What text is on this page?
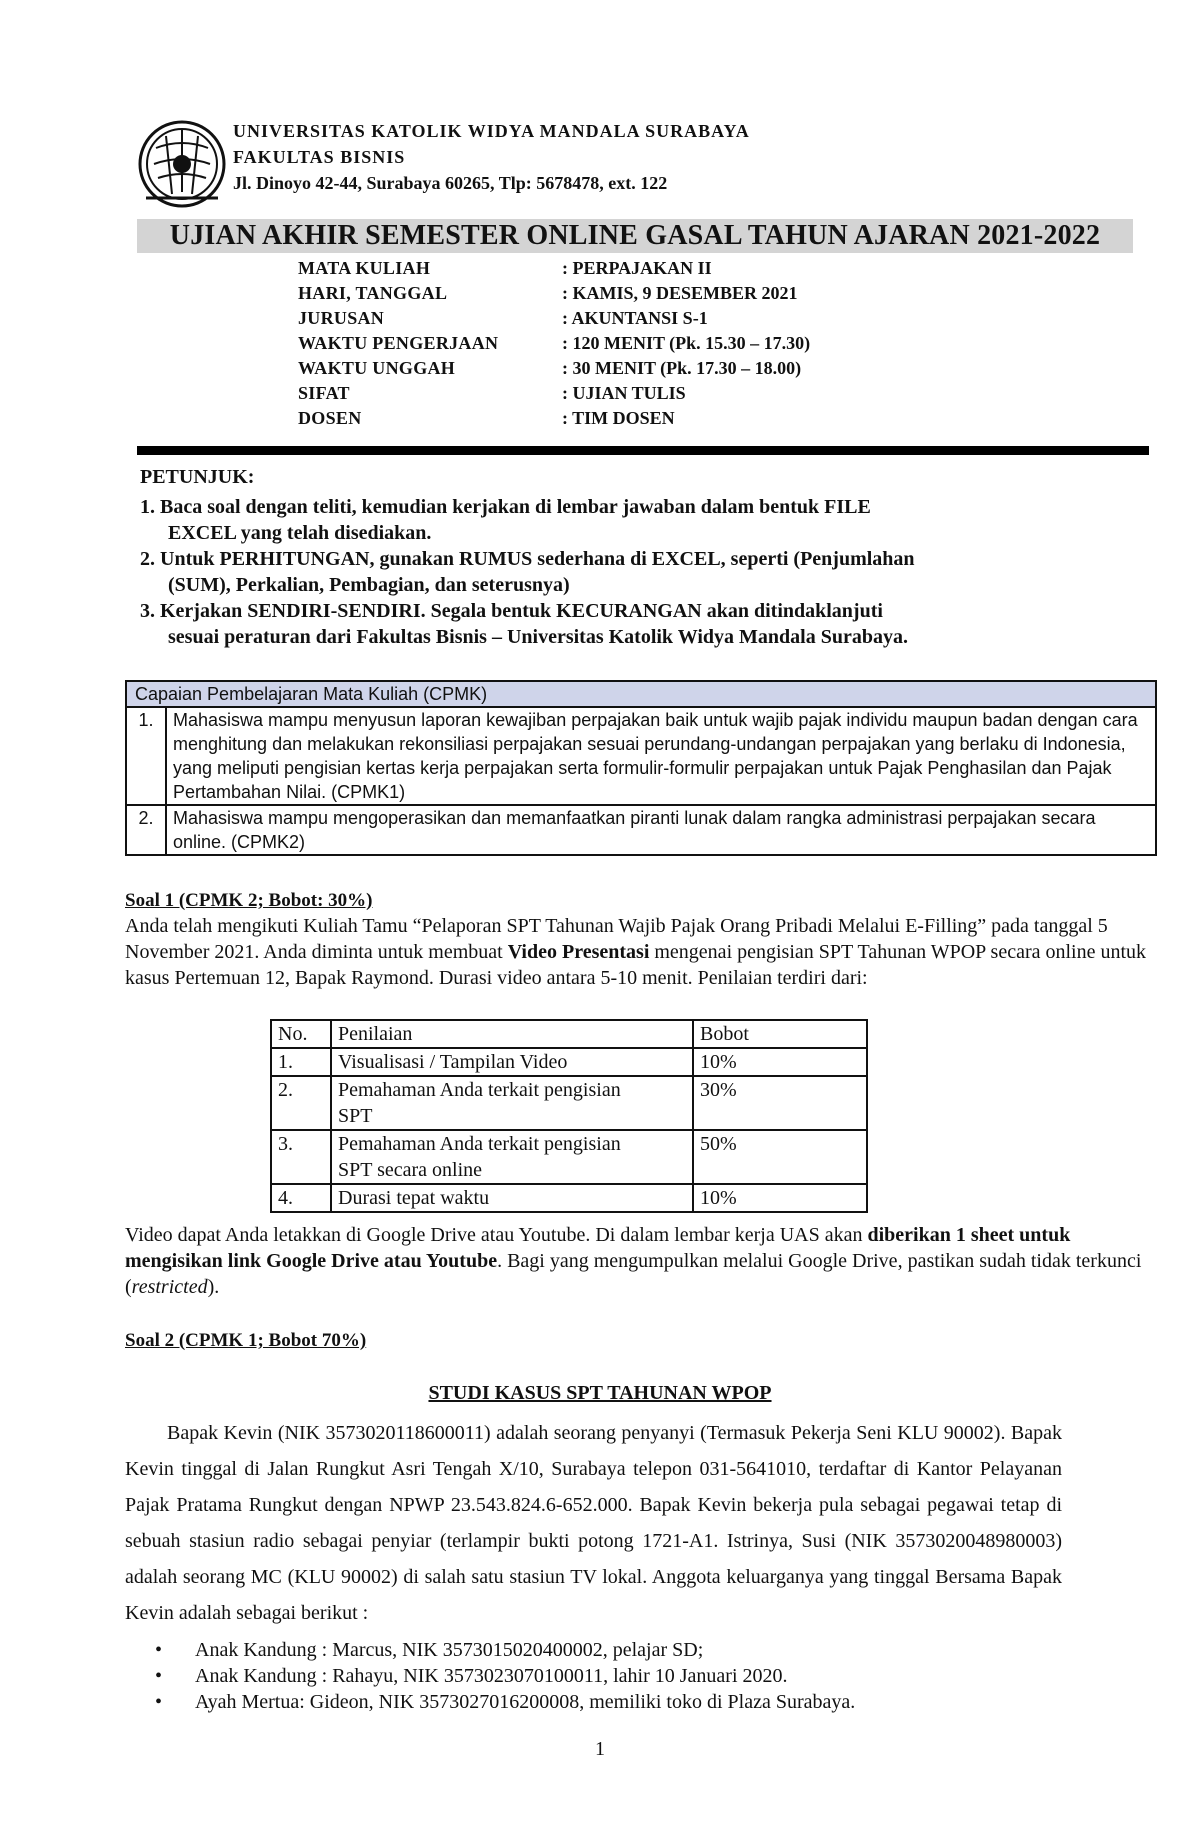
UNIVERSITAS KATOLIK WIDYA MANDALA SURABAYA
FAKULTAS BISNIS
Jl. Dinoyo 42-44, Surabaya 60265, Tlp: 5678478, ext. 122
UJIAN AKHIR SEMESTER ONLINE GASAL TAHUN AJARAN 2021-2022
MATA KULIAH	: PERPAJAKAN II
HARI, TANGGAL	: KAMIS, 9 DESEMBER 2021
JURUSAN	: AKUNTANSI S-1
WAKTU PENGERJAAN	: 120 MENIT (Pk. 15.30 – 17.30)
WAKTU UNGGAH	: 30 MENIT (Pk. 17.30 – 18.00)
SIFAT	: UJIAN TULIS
DOSEN	: TIM DOSEN
PETUNJUK:
1. Baca soal dengan teliti, kemudian kerjakan di lembar jawaban dalam bentuk FILE
EXCEL yang telah disediakan.
2. Untuk PERHITUNGAN, gunakan RUMUS sederhana di EXCEL, seperti (Penjumlahan
(SUM), Perkalian, Pembagian, dan seterusnya)
3. Kerjakan SENDIRI-SENDIRI. Segala bentuk KECURANGAN akan ditindaklanjuti
sesuai peraturan dari Fakultas Bisnis – Universitas Katolik Widya Mandala Surabaya.
Capaian Pembelajaran Mata Kuliah (CPMK)	
1.	Mahasiswa mampu menyusun laporan kewajiban perpajakan baik untuk wajib pajak individu maupun badan dengan cara menghitung dan melakukan rekonsiliasi perpajakan sesuai perundang-undangan perpajakan yang berlaku di Indonesia, yang meliputi pengisian kertas kerja perpajakan serta formulir-formulir perpajakan untuk Pajak Penghasilan dan Pajak Pertambahan Nilai. (CPMK1)
2.	Mahasiswa mampu mengoperasikan dan memanfaatkan piranti lunak dalam rangka administrasi perpajakan secara online. (CPMK2)
Soal 1 (CPMK 2; Bobot: 30%)
Anda telah mengikuti Kuliah Tamu “Pelaporan SPT Tahunan Wajib Pajak Orang Pribadi Melalui E-Filling” pada tanggal 5 November 2021. Anda diminta untuk membuat Video Presentasi mengenai pengisian SPT Tahunan WPOP secara online untuk kasus Pertemuan 12, Bapak Raymond. Durasi video antara 5-10 menit. Penilaian terdiri dari:
No.	Penilaian	Bobot
1.	Visualisasi / Tampilan Video	10%
2.	Pemahaman Anda terkait pengisian SPT	30%
3.	Pemahaman Anda terkait pengisian SPT secara online	50%
4.	Durasi tepat waktu	10%
Video dapat Anda letakkan di Google Drive atau Youtube. Di dalam lembar kerja UAS akan diberikan 1 sheet untuk mengisikan link Google Drive atau Youtube. Bagi yang mengumpulkan melalui Google Drive, pastikan sudah tidak terkunci (restricted).
Soal 2 (CPMK 1; Bobot 70%)
STUDI KASUS SPT TAHUNAN WPOP
Bapak Kevin (NIK 3573020118600011) adalah seorang penyanyi (Termasuk Pekerja Seni KLU 90002). Bapak Kevin tinggal di Jalan Rungkut Asri Tengah X/10, Surabaya telepon 031-5641010, terdaftar di Kantor Pelayanan Pajak Pratama Rungkut dengan NPWP 23.543.824.6-652.000. Bapak Kevin bekerja pula sebagai pegawai tetap di sebuah stasiun radio sebagai penyiar (terlampir bukti potong 1721-A1. Istrinya, Susi (NIK 3573020048980003) adalah seorang MC (KLU 90002) di salah satu stasiun TV lokal. Anggota keluarganya yang tinggal Bersama Bapak Kevin adalah sebagai berikut :
• Anak Kandung : Marcus, NIK 3573015020400002, pelajar SD;
• Anak Kandung : Rahayu, NIK 3573023070100011, lahir 10 Januari 2020.
• Ayah Mertua: Gideon, NIK 3573027016200008, memiliki toko di Plaza Surabaya.
1
